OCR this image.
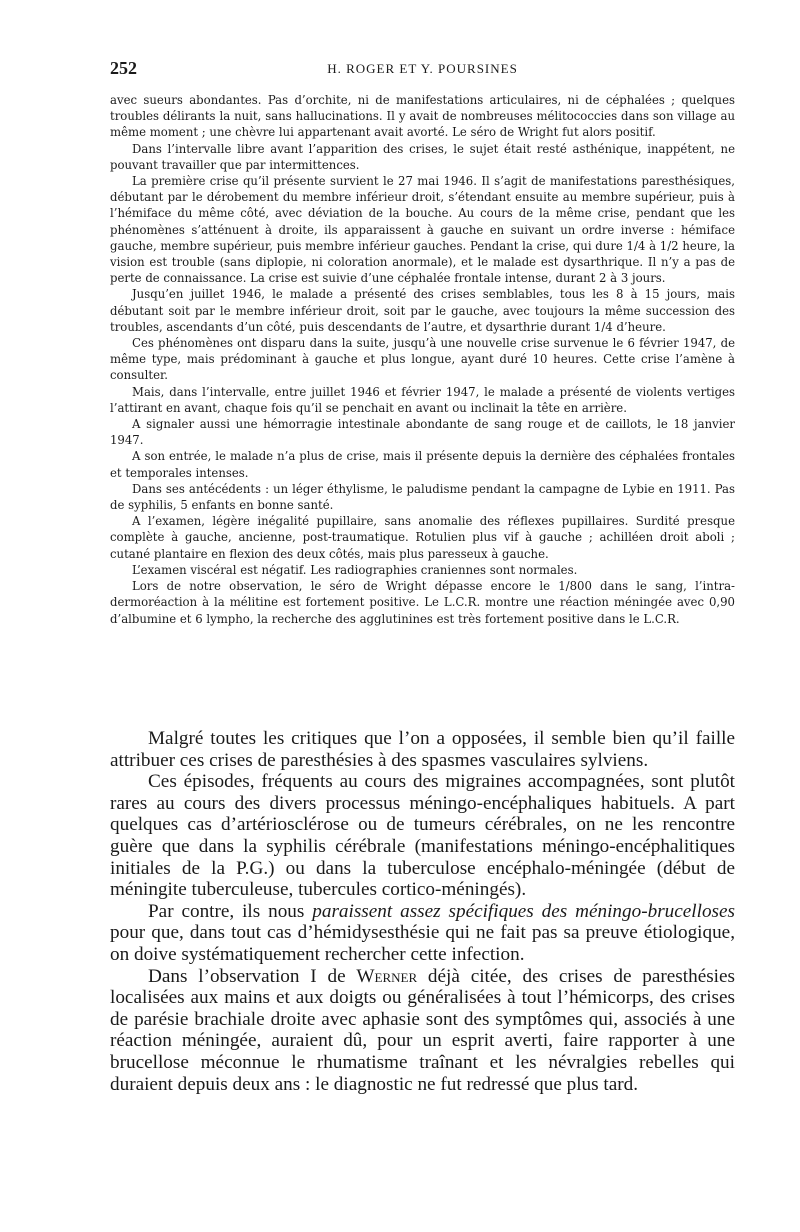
252	H. ROGER ET Y. POURSINES

avec sueurs abondantes. Pas d’orchite, ni de manifestations articulaires, ni de céphalées ; quelques troubles délirants la nuit, sans hallucinations. Il y avait de nombreuses mélitococcies dans son village au même moment ; une chèvre lui appartenant avait avorté. Le séro de Wright fut alors positif.

Dans l’intervalle libre avant l’apparition des crises, le sujet était resté asthénique, inappétent, ne pouvant travailler que par intermittences.

La première crise qu’il présente survient le 27 mai 1946. Il s’agit de manifestations paresthésiques, débutant par le dérobement du membre inférieur droit, s’étendant ensuite au membre supérieur, puis à l’hémiface du même côté, avec déviation de la bouche. Au cours de la même crise, pendant que les phénomènes s’atténuent à droite, ils apparaissent à gauche en suivant un ordre inverse : hémiface gauche, membre supérieur, puis membre inférieur gauches. Pendant la crise, qui dure 1/4 à 1/2 heure, la vision est trouble (sans diplopie, ni coloration anormale), et le malade est dysarthrique. Il n’y a pas de perte de connaissance. La crise est suivie d’une céphalée frontale intense, durant 2 à 3 jours.

Jusqu’en juillet 1946, le malade a présenté des crises semblables, tous les 8 à 15 jours, mais débutant soit par le membre inférieur droit, soit par le gauche, avec toujours la même succession des troubles, ascendants d’un côté, puis descendants de l’autre, et dysarthrie durant 1/4 d’heure.

Ces phénomènes ont disparu dans la suite, jusqu’à une nouvelle crise survenue le 6 février 1947, de même type, mais prédominant à gauche et plus longue, ayant duré 10 heures. Cette crise l’amène à consulter.

Mais, dans l’intervalle, entre juillet 1946 et février 1947, le malade a présenté de violents vertiges l’attirant en avant, chaque fois qu’il se penchait en avant ou inclinait la tête en arrière.

A signaler aussi une hémorragie intestinale abondante de sang rouge et de caillots, le 18 janvier 1947.

A son entrée, le malade n’a plus de crise, mais il présente depuis la dernière des céphalées frontales et temporales intenses.

Dans ses antécédents : un léger éthylisme, le paludisme pendant la campagne de Lybie en 1911. Pas de syphilis, 5 enfants en bonne santé.

A l’examen, légère inégalité pupillaire, sans anomalie des réflexes pupillaires. Surdité presque complète à gauche, ancienne, post-traumatique. Rotulien plus vif à gauche ; achilléen droit aboli ; cutané plantaire en flexion des deux côtés, mais plus paresseux à gauche.

L’examen viscéral est négatif. Les radiographies craniennes sont normales.

Lors de notre observation, le séro de Wright dépasse encore le 1/800 dans le sang, l’intra-dermoréaction à la mélitine est fortement positive. Le L.C.R. montre une réaction méningée avec 0,90 d’albumine et 6 lympho, la recherche des agglutinines est très fortement positive dans le L.C.R.

Malgré toutes les critiques que l’on a opposées, il semble bien qu’il faille attribuer ces crises de paresthésies à des spasmes vasculaires sylviens.

Ces épisodes, fréquents au cours des migraines accompagnées, sont plutôt rares au cours des divers processus méningo-encéphaliques habituels. A part quelques cas d’artériosclérose ou de tumeurs cérébrales, on ne les rencontre guère que dans la syphilis cérébrale (manifestations méningo-encéphalitiques initiales de la P.G.) ou dans la tuberculose encéphalo-méningée (début de méningite tuberculeuse, tubercules cortico-méningés).

Par contre, ils nous paraissent assez spécifiques des méningo-brucelloses pour que, dans tout cas d’hémidysesthésie qui ne fait pas sa preuve étiologique, on doive systématiquement rechercher cette infection.

Dans l’observation I de Werner déjà citée, des crises de paresthésies localisées aux mains et aux doigts ou généralisées à tout l’hémicorps, des crises de parésie brachiale droite avec aphasie sont des symptômes qui, associés à une réaction méningée, auraient dû, pour un esprit averti, faire rapporter à une brucellose méconnue le rhumatisme traînant et les névralgies rebelles qui duraient depuis deux ans : le diagnostic ne fut redressé que plus tard.
